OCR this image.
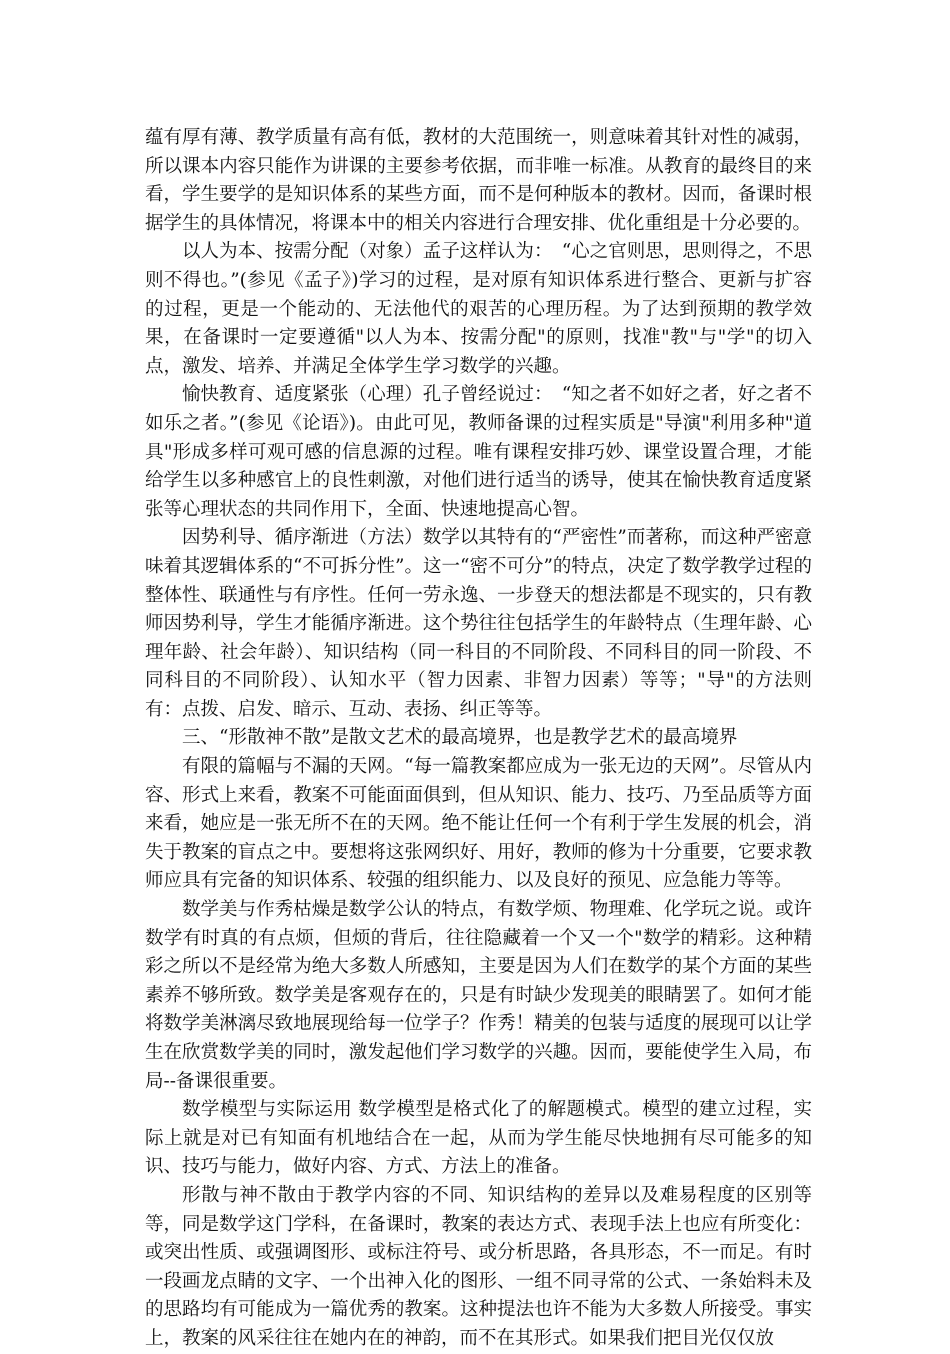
蕴有厚有薄、教学质量有高有低，教材的大范围统一，则意味着其针对性的减弱，所以课本内容只能作为讲课的主要参考依据，而非唯一标准。从教育的最终目的来看，学生要学的是知识体系的某些方面，而不是何种版本的教材。因而，备课时根据学生的具体情况，将课本中的相关内容进行合理安排、优化重组是十分必要的。

以人为本、按需分配（对象）孟子这样认为：　“心之官则思，思则得之，不思则不得也。”(参见《孟子》)学习的过程，是对原有知识体系进行整合、更新与扩容的过程，更是一个能动的、无法他代的艰苦的心理历程。为了达到预期的教学效果，在备课时一定要遵循"以人为本、按需分配"的原则，找准"教"与"学"的切入点，激发、培养、并满足全体学生学习数学的兴趣。

愉快教育、适度紧张（心理）孔子曾经说过：　“知之者不如好之者，好之者不如乐之者。”(参见《论语》)。由此可见，教师备课的过程实质是"导演"利用多种"道具"形成多样可观可感的信息源的过程。唯有课程安排巧妙、课堂设置合理，才能给学生以多种感官上的良性刺激，对他们进行适当的诱导，使其在愉快教育适度紧张等心理状态的共同作用下，全面、快速地提高心智。

因势利导、循序渐进（方法）数学以其特有的“严密性”而著称，而这种严密意味着其逻辑体系的“不可拆分性”。这一“密不可分”的特点，决定了数学教学过程的整体性、联通性与有序性。任何一劳永逸、一步登天的想法都是不现实的，只有教师因势利导，学生才能循序渐进。这个势往往包括学生的年龄特点（生理年龄、心理年龄、社会年龄）、知识结构（同一科目的不同阶段、不同科目的同一阶段、不同科目的不同阶段）、认知水平（智力因素、非智力因素）等等；"导"的方法则有：点拨、启发、暗示、互动、表扬、纠正等等。

三、“形散神不散”是散文艺术的最高境界，也是教学艺术的最高境界

有限的篇幅与不漏的天网。“每一篇教案都应成为一张无边的天网”。尽管从内容、形式上来看，教案不可能面面俱到，但从知识、能力、技巧、乃至品质等方面来看，她应是一张无所不在的天网。绝不能让任何一个有利于学生发展的机会，消失于教案的盲点之中。要想将这张网织好、用好，教师的修为十分重要，它要求教师应具有完备的知识体系、较强的组织能力、以及良好的预见、应急能力等等。

数学美与作秀枯燥是数学公认的特点，有数学烦、物理难、化学玩之说。或许数学有时真的有点烦，但烦的背后，往往隐藏着一个又一个"数学的精彩。这种精彩之所以不是经常为绝大多数人所感知，主要是因为人们在数学的某个方面的某些素养不够所致。数学美是客观存在的，只是有时缺少发现美的眼睛罢了。如何才能将数学美淋漓尽致地展现给每一位学子？作秀！精美的包装与适度的展现可以让学生在欣赏数学美的同时，激发起他们学习数学的兴趣。因而，要能使学生入局，布局--备课很重要。

数学模型与实际运用 数学模型是格式化了的解题模式。模型的建立过程，实际上就是对已有知面有机地结合在一起，从而为学生能尽快地拥有尽可能多的知识、技巧与能力，做好内容、方式、方法上的准备。

形散与神不散由于教学内容的不同、知识结构的差异以及难易程度的区别等等，同是数学这门学科，在备课时，教案的表达方式、表现手法上也应有所变化：或突出性质、或强调图形、或标注符号、或分析思路，各具形态，不一而足。有时一段画龙点睛的文字、一个出神入化的图形、一组不同寻常的公式、一条始料未及的思路均有可能成为一篇优秀的教案。这种提法也许不能为大多数人所接受。事实上，教案的风采往往在她内在的神韵，而不在其形式。如果我们把目光仅仅放
